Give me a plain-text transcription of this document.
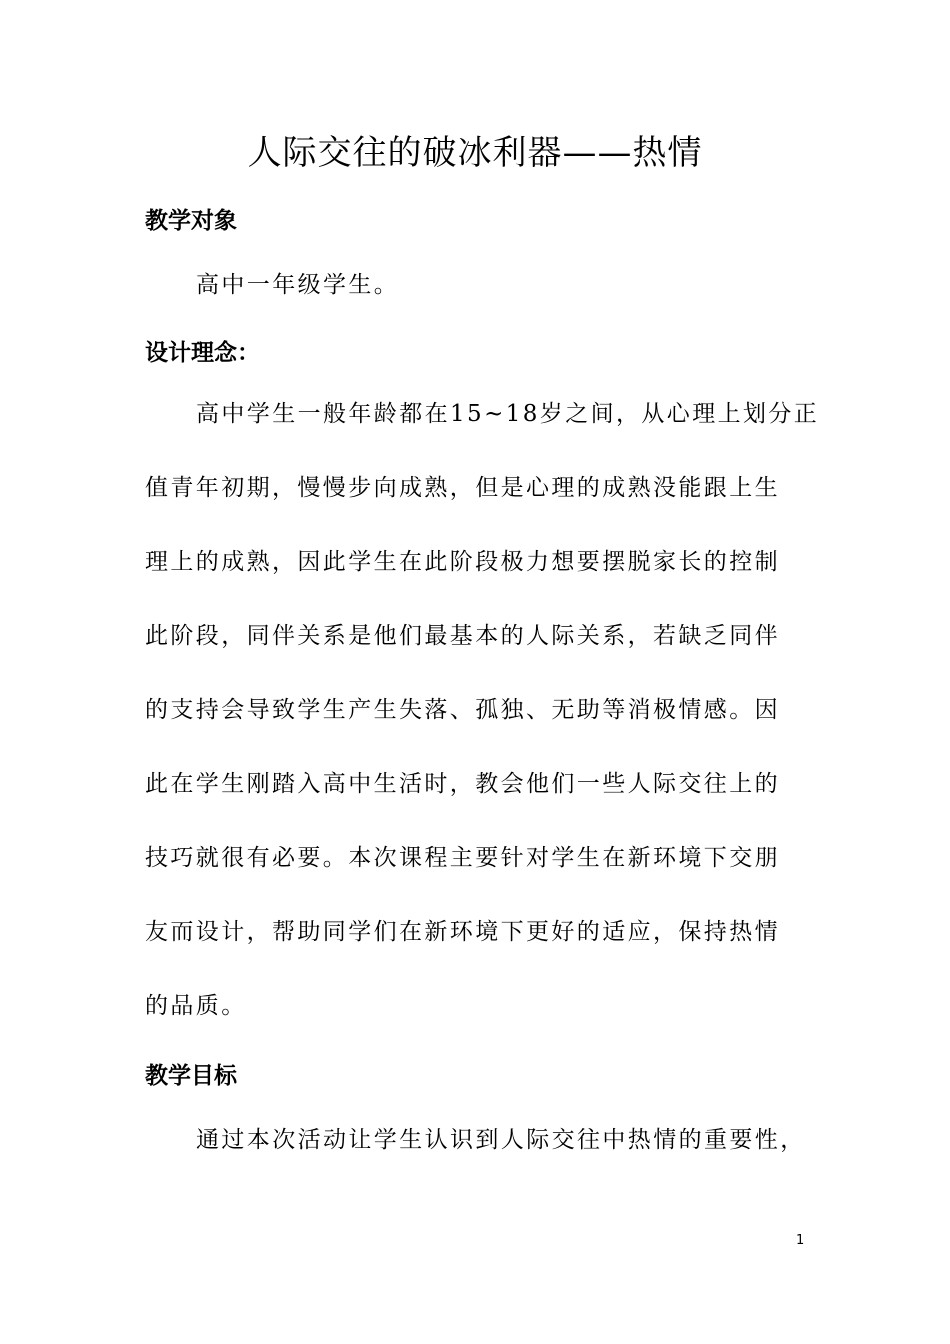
人际交往的破冰利器——热情
教学对象
高中一年级学生。
设计理念：
高中学生一般年龄都在15~18岁之间，从心理上划分正
值青年初期，慢慢步向成熟，但是心理的成熟没能跟上生
理上的成熟，因此学生在此阶段极力想要摆脱家长的控制
此阶段，同伴关系是他们最基本的人际关系，若缺乏同伴
的支持会导致学生产生失落、孤独、无助等消极情感。因
此在学生刚踏入高中生活时，教会他们一些人际交往上的
技巧就很有必要。本次课程主要针对学生在新环境下交朋
友而设计，帮助同学们在新环境下更好的适应，保持热情
的品质。
教学目标
通过本次活动让学生认识到人际交往中热情的重要性，
1
